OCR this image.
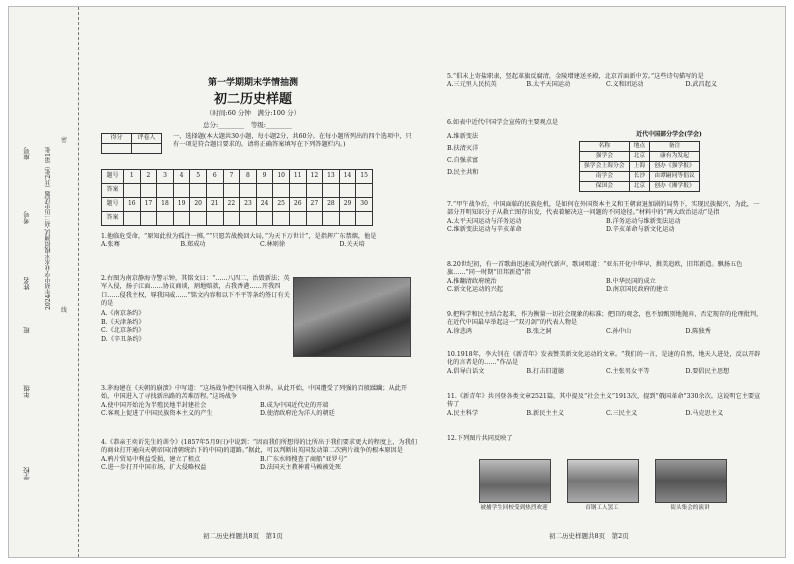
学校
年级
班
姓名
考号
座号 2024年初中学业水平模拟测试·初二历史试题（共2张）第1张
密
线
第一学期期末学情抽测
初二历史样题
（时间:60 分钟　满分:100 分）
总分:________　等级:________
得分	评卷人
		一、选择题(本大题共30小题，每小题2分，共60分。在每小题所列出的四个选项中，只有一项是符合题目要求的。请将正确答案填写在下列答题栏内。)
题号	1	2	3	4	5	6	7	8	9	10	11	12	13	14	15
答案															
题号	16	17	18	19	20	21	22	23	24	25	26	27	28	29	30
答案															
1.他临危受命，“原知此役为孤注一掷，”“只愿苦战挽回大局，”为天下万世计”，是指挥广东禁烟，他是
A.张骞	B.郑成功	C.林则徐	D.关天培
2.右图为南京静海寺警示钟，其铭文曰：“……八四二，治毁新法；英军入侵，扬子江面……协议商谈，割地赔款，占我香港……开我四口……侵我主权，辱我国威……”铭文内容和以下不平等条约签订有关的是
A.《南京条约》
B.《天津条约》
C.《北京条约》
D.《辛丑条约》
3.茅海建在《天朝的崩溃》中写道：“这场战争把中国拖入世界。从此开始，中国遭受了列强的百般蹂躏；从此开始，中国进入了寻找新出路的苦难历程。”这场战争
A.使中国开始沦为半殖民地半封建社会	B.成为中国近代史的开端
C.客观上促进了中国民族资本主义的产生	D.使清政府沦为洋人的朝廷
4.《恭亲王奕䜣先生的训令》(1857年5月9日)中说到：“因而我们所想得的比所出于我们要求更大的程度上，为我们的商业打开通向天朝帝国(清朝统治下的中国)的道路。”据此，可以判断出英国发动第二次鸦片战争的根本原因是
A.鸦片贸易中利益受损，建立了租点	B.广东水师搜查了商船“亚罗号”
C.进一步打开中国市场，扩大侵略权益	D.法国天主教神甫马赖被处死
初二历史样题共8页　第1页
5.“倡末上寄盐职隶，竖起革旗反腐清，金陵增建送圣殿，北京首面新中芳。”这些诗句描写的是
A.三元里人民抗英	B.太平天国运动	C.义和团运动	D.武昌起义
6.如表中近代中国学会宣传的主要观点是
A.维新变法
B.扶清灭洋
C.自强求富
D.民主共和
近代中国部分学会(学会)
名称	地点	备注
强学会	北京	康有为发起
强学会上海分会	上海	创办《强学报》
南学会	长沙	由谭嗣同等倡议
保国会	北京	创办《湘学报》
7.“甲午战争后，中国面临的民族危机，是如何在外国资本主义和王朝衰退加剧的局势下，实现民族振兴，为此，一部分开明知识分子从救亡图存出发，代表着解决这一问题的不同途径。”材料中的“两大政治运动”是指
A.太平天国运动与洋务运动	B.洋务运动与维新变法运动
C.维新变法运动与辛亥革命	D.辛亥革命与新文化运动
8.20世纪初，有一首歌曲迅速成为时代新声，歌词唱道：“亚东开化中华早，揖美追欧，旧邦新造。飘扬五色旗……”同一时期“旧邦新造”指
A.推翻清政府统治	B.中华民国的成立
C.新文化运动的兴起	D.南京国民政府的建立
9.把科学和民主结合起来，作为衡量一切社会现象的标准；把旧的观念，也不加甄别地抛弃，否定现存的伦理批判，在近代中国最早举起这一“双刃剑”的代表人物是
A.徐悲鸿	B.张之洞	C.孙中山	D.陈独秀
10.1918年，李大钊在《新青年》发表赞美新文化运动的文章。“我们的一言，是速的自然，地天人进处，反以开辟化的言者是的……”作品是
A.倡导白话文	B.打击旧道德	C.主张男女平等	D.要倡民主思想
11.《新青年》共刊登各类文章2521篇，其中提及“社会主义”1913次，提到“俄国革命”330余次。这说明它主要宣传了
A.民主科学	B.新民主主义	C.三民主义	D.马克思主义
12.下列图片共同反映了
被捕学生回校受到热烈欢迎	首钢工人罢工	街头集会的演讲
初二历史样题共8页　第2页
